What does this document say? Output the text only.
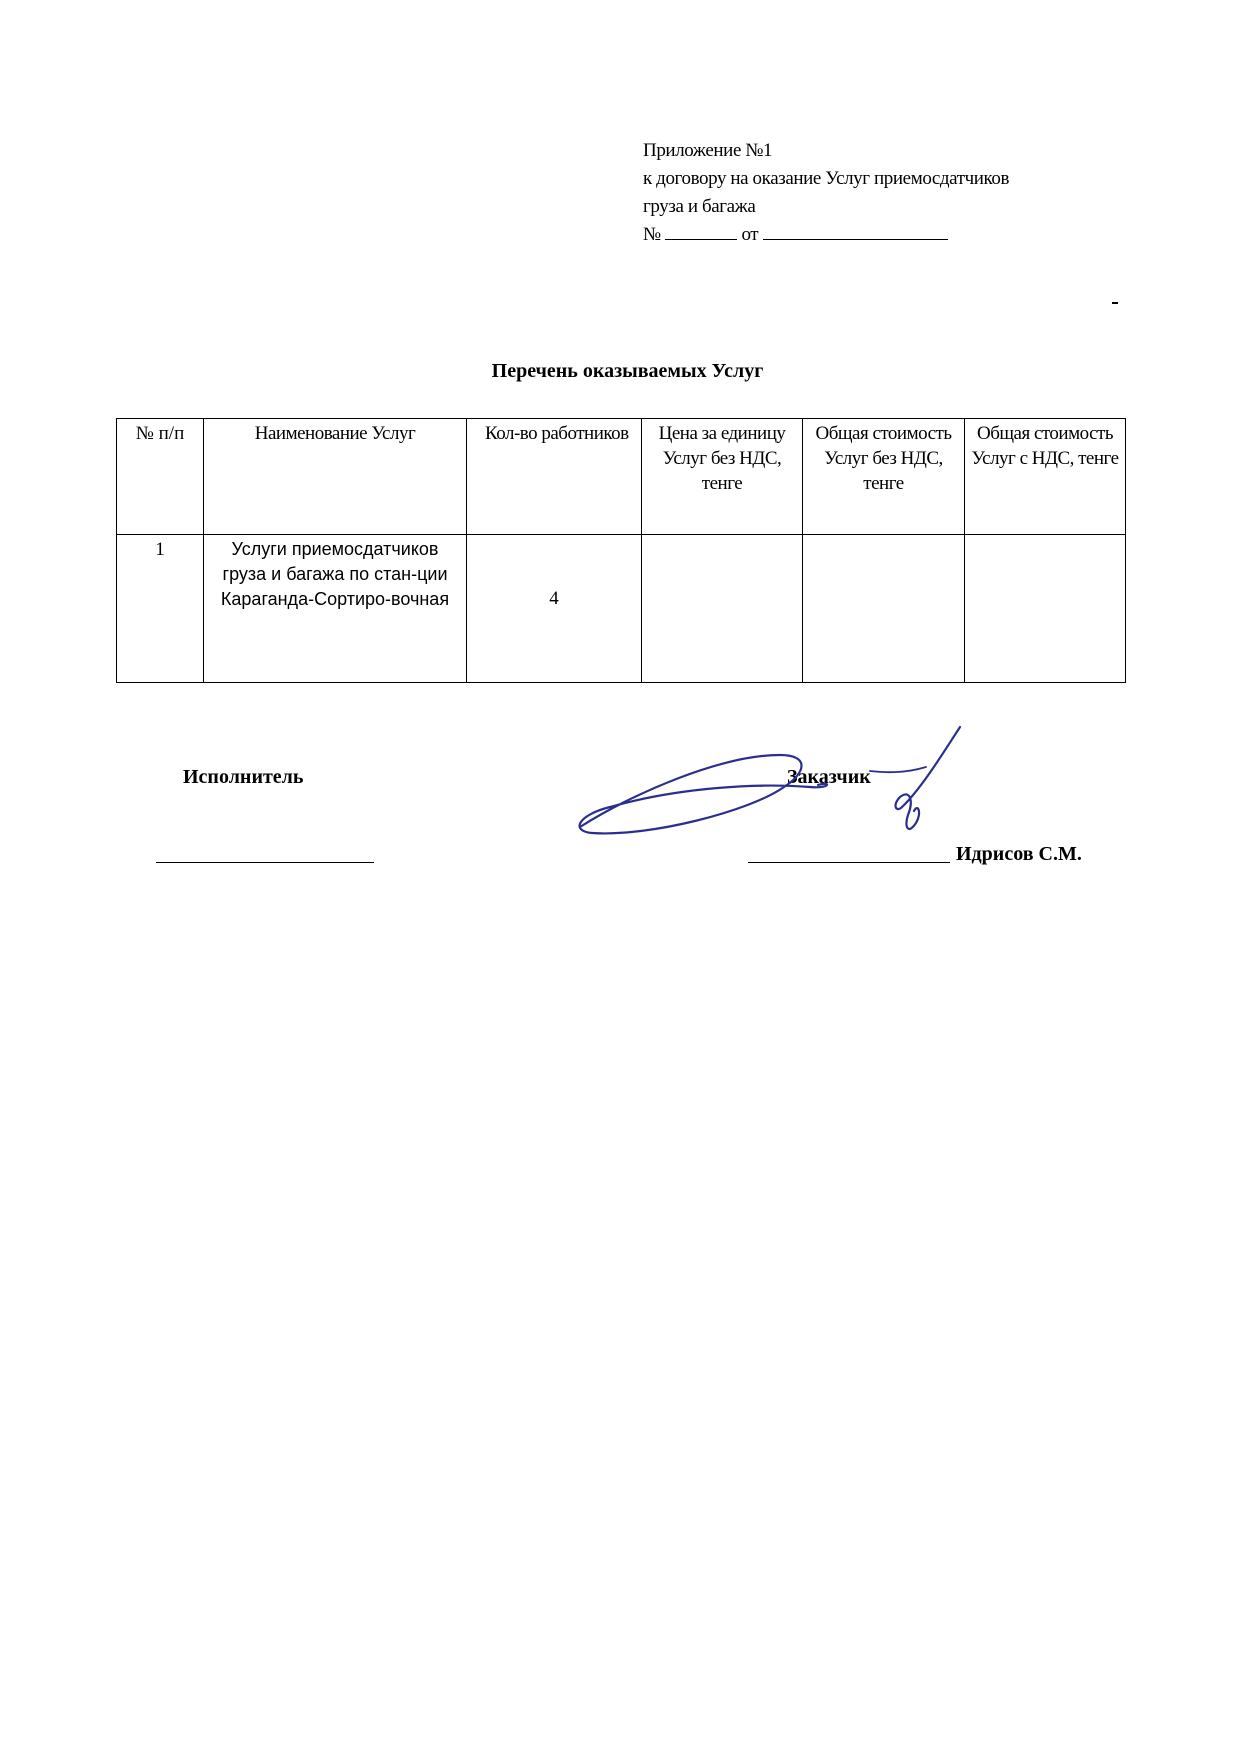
Приложение №1
к договору на оказание Услуг приемосдатчиков
груза и багажа
№	от
Перечень оказываемых Услуг
№ п/п	Наименование Услуг	Кол-во работников	Цена за единицу Услуг без НДС, тенге	Общая стоимость Услуг без НДС, тенге	Общая стоимость Услуг с НДС, тенге
1	Услуги приемосдатчиков груза и багажа по стан-ции Караганда-Сортиро-вочная	4			
Исполнитель	Заказчик
Идрисов С.М.
